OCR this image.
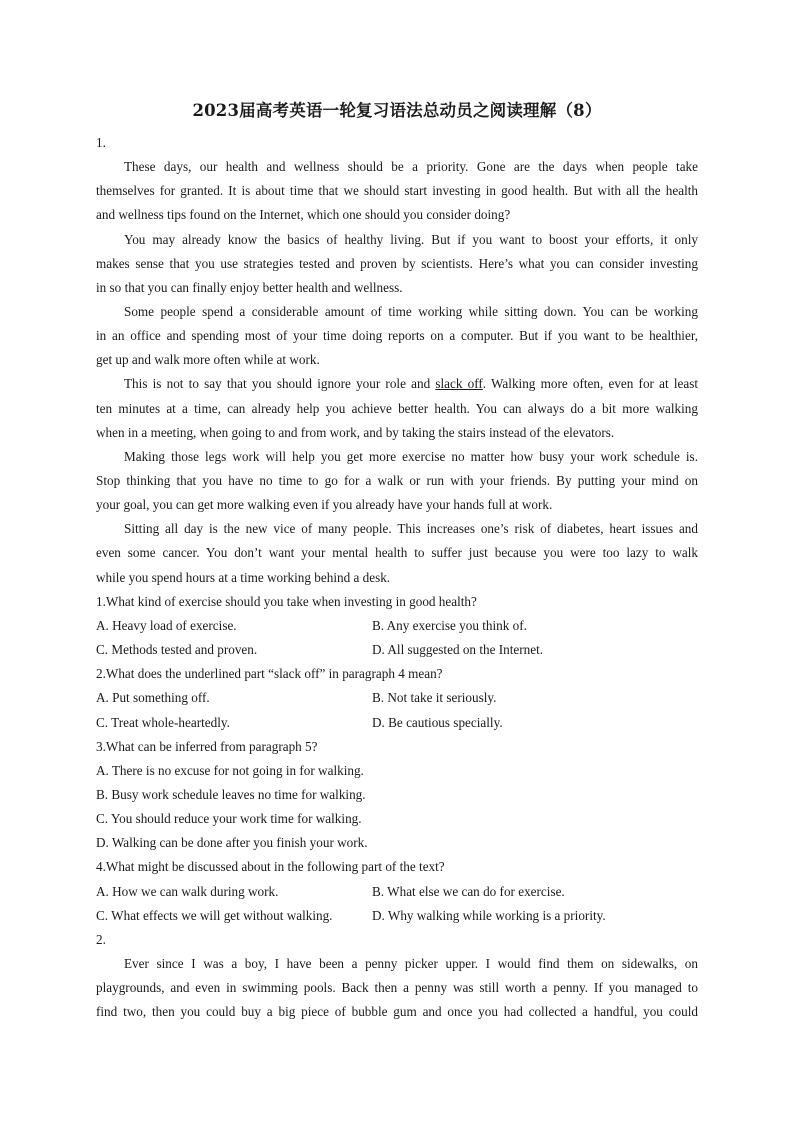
2023届高考英语一轮复习语法总动员之阅读理解（8）
1.
These days, our health and wellness should be a priority. Gone are the days when people take
themselves for granted. It is about time that we should start investing in good health. But with all the health
and wellness tips found on the Internet, which one should you consider doing?
You may already know the basics of healthy living. But if you want to boost your efforts, it only
makes sense that you use strategies tested and proven by scientists. Here’s what you can consider investing
in so that you can finally enjoy better health and wellness.
Some people spend a considerable amount of time working while sitting down. You can be working
in an office and spending most of your time doing reports on a computer. But if you want to be healthier,
get up and walk more often while at work.
This is not to say that you should ignore your role and slack off. Walking more often, even for at least
ten minutes at a time, can already help you achieve better health. You can always do a bit more walking
when in a meeting, when going to and from work, and by taking the stairs instead of the elevators.
Making those legs work will help you get more exercise no matter how busy your work schedule is.
Stop thinking that you have no time to go for a walk or run with your friends. By putting your mind on
your goal, you can get more walking even if you already have your hands full at work.
Sitting all day is the new vice of many people. This increases one’s risk of diabetes, heart issues and
even some cancer. You don’t want your mental health to suffer just because you were too lazy to walk
while you spend hours at a time working behind a desk.
1.What kind of exercise should you take when investing in good health?
A. Heavy load of exercise.	B. Any exercise you think of.
C. Methods tested and proven.	D. All suggested on the Internet.
2.What does the underlined part “slack off” in paragraph 4 mean?
A. Put something off.	B. Not take it seriously.
C. Treat whole-heartedly.	D. Be cautious specially.
3.What can be inferred from paragraph 5?
A. There is no excuse for not going in for walking.
B. Busy work schedule leaves no time for walking.
C. You should reduce your work time for walking.
D. Walking can be done after you finish your work.
4.What might be discussed about in the following part of the text?
A. How we can walk during work.	B. What else we can do for exercise.
C. What effects we will get without walking.	D. Why walking while working is a priority.
2.
Ever since I was a boy, I have been a penny picker upper. I would find them on sidewalks, on
playgrounds, and even in swimming pools. Back then a penny was still worth a penny. If you managed to
find two, then you could buy a big piece of bubble gum and once you had collected a handful, you could
